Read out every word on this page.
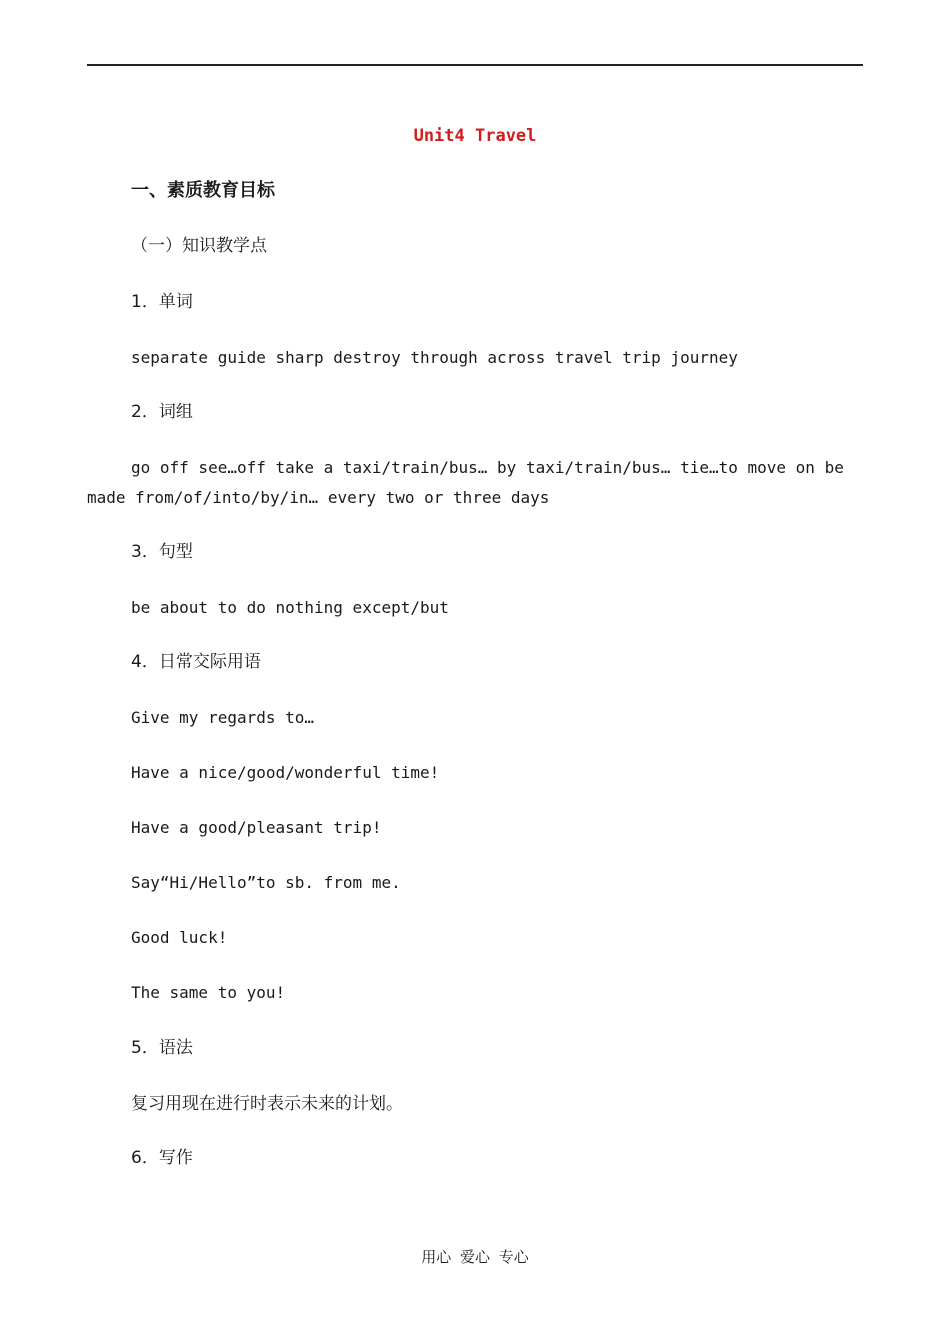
Unit4 Travel
一、素质教育目标
（一）知识教学点
1．单词
separate guide sharp destroy through across travel trip journey
2．词组
go off see…off take a taxi/train/bus… by taxi/train/bus… tie…to move on be made from/of/into/by/in… every two or three days
3．句型
be about to do nothing except/but
4．日常交际用语
Give my regards to…
Have a nice/good/wonderful time!
Have a good/pleasant trip!
Say“Hi/Hello”to sb. from me.
Good luck!
The same to you!
5．语法
复习用现在进行时表示未来的计划。
6．写作
用心 爱心 专心
